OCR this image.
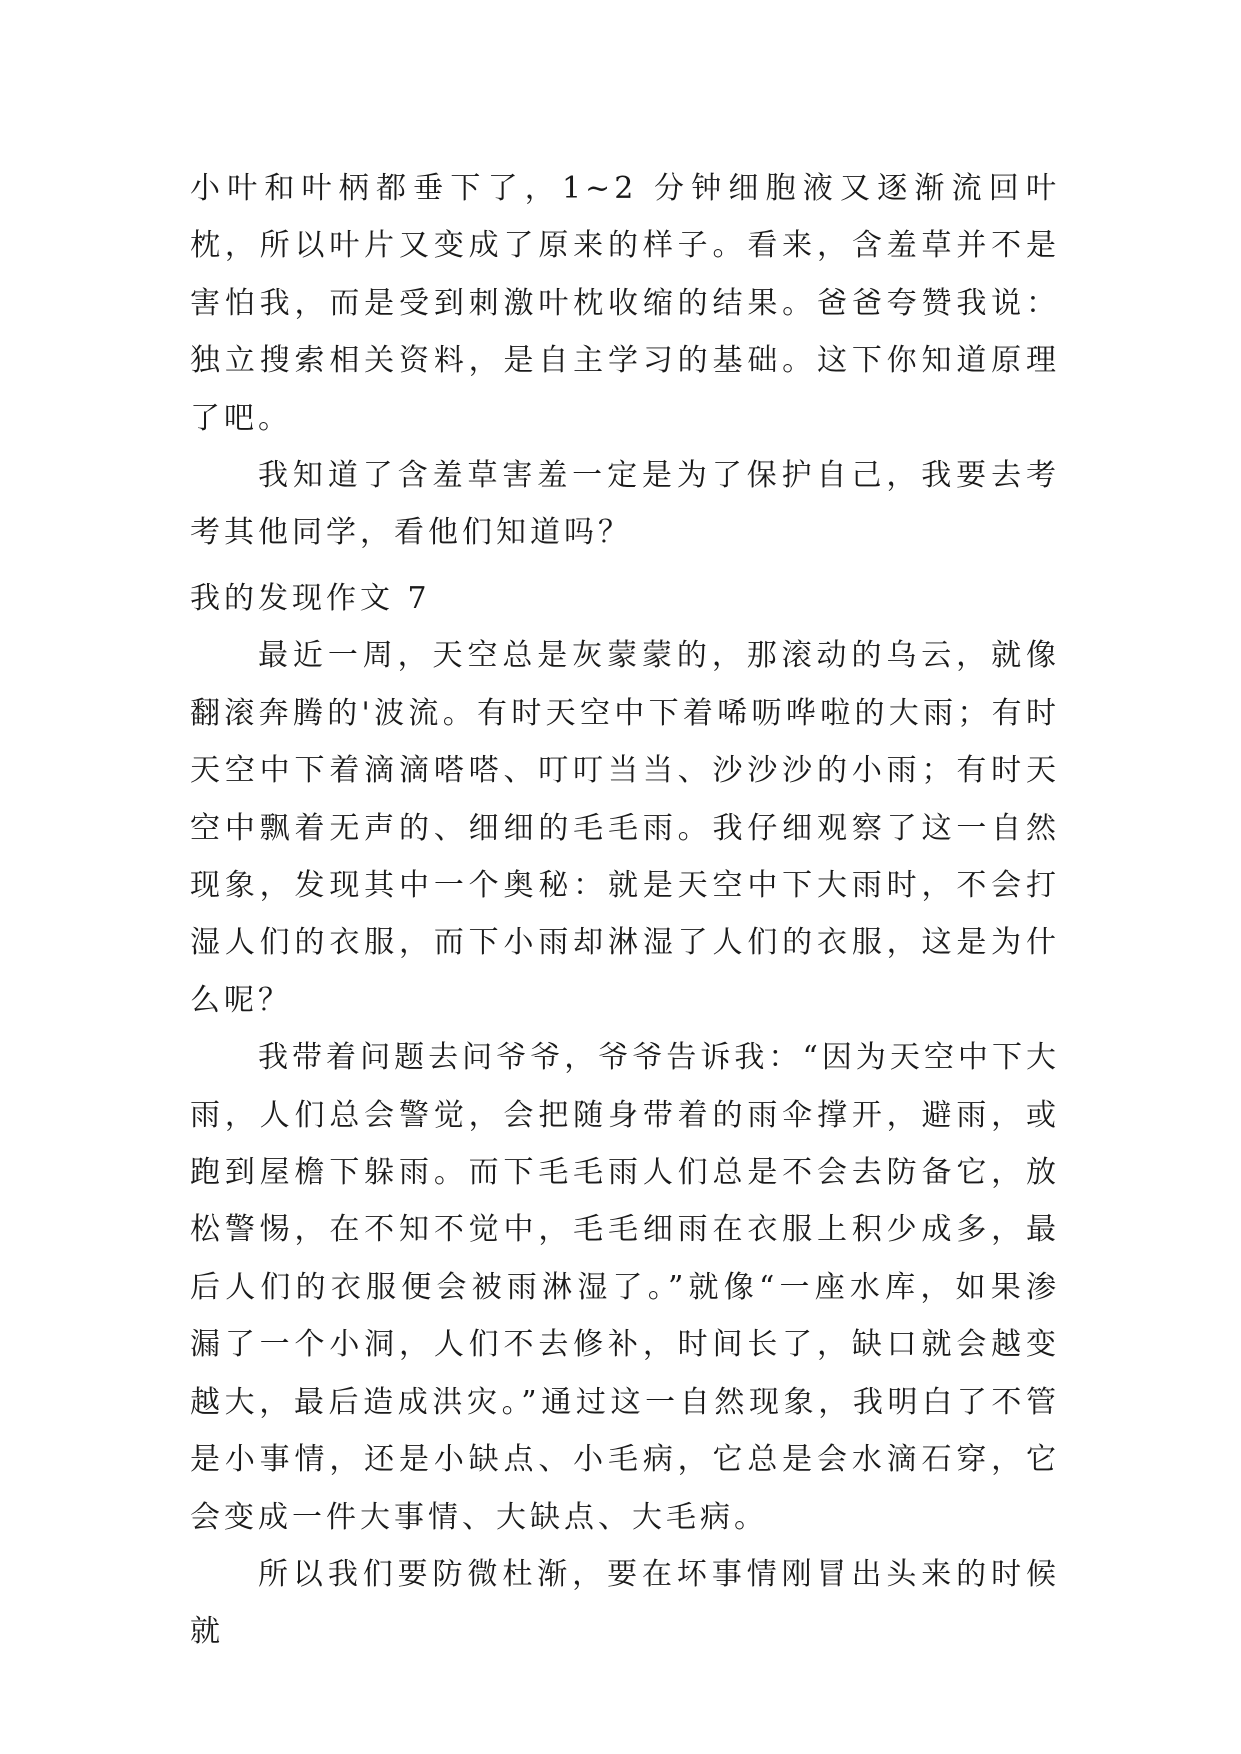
小叶和叶柄都垂下了，1~2 分钟细胞液又逐渐流回叶枕，所以叶片又变成了原来的样子。看来，含羞草并不是害怕我，而是受到刺激叶枕收缩的结果。爸爸夸赞我说：独立搜索相关资料，是自主学习的基础。这下你知道原理了吧。

我知道了含羞草害羞一定是为了保护自己，我要去考考其他同学，看他们知道吗？

我的发现作文 7

最近一周，天空总是灰蒙蒙的，那滚动的乌云，就像翻滚奔腾的'波流。有时天空中下着唏呖哗啦的大雨；有时天空中下着滴滴嗒嗒、叮叮当当、沙沙沙的小雨；有时天空中飘着无声的、细细的毛毛雨。我仔细观察了这一自然现象，发现其中一个奥秘：就是天空中下大雨时，不会打湿人们的衣服，而下小雨却淋湿了人们的衣服，这是为什么呢？

我带着问题去问爷爷，爷爷告诉我：“因为天空中下大雨，人们总会警觉，会把随身带着的雨伞撑开，避雨，或跑到屋檐下躲雨。而下毛毛雨人们总是不会去防备它，放松警惕，在不知不觉中，毛毛细雨在衣服上积少成多，最后人们的衣服便会被雨淋湿了。”就像“一座水库，如果渗漏了一个小洞，人们不去修补，时间长了，缺口就会越变越大，最后造成洪灾。”通过这一自然现象，我明白了不管是小事情，还是小缺点、小毛病，它总是会水滴石穿，它会变成一件大事情、大缺点、大毛病。

所以我们要防微杜渐，要在坏事情刚冒出头来的时候就
